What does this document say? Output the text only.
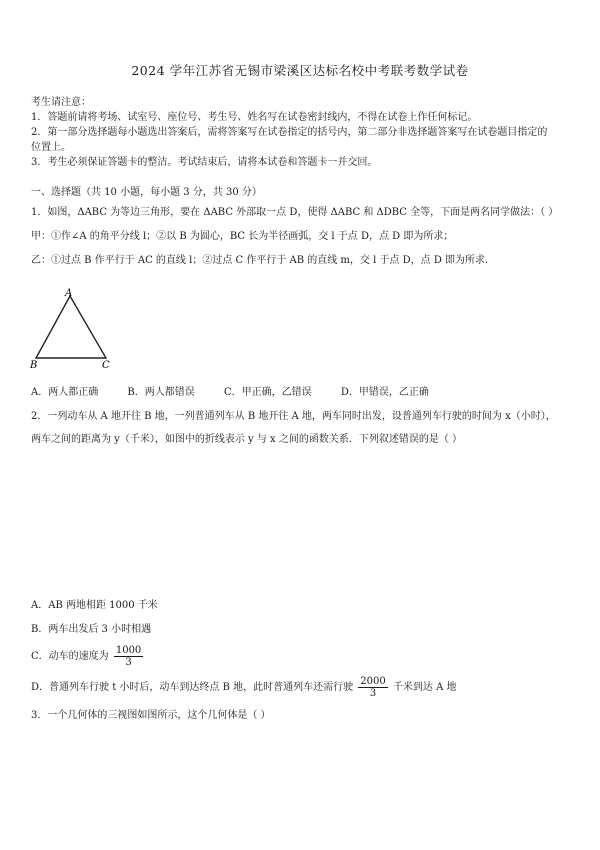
2024 学年江苏省无锡市梁溪区达标名校中考联考数学试卷
考生请注意：
1．答题前请将考场、试室号、座位号、考生号、姓名写在试卷密封线内，不得在试卷上作任何标记。
2．第一部分选择题每小题选出答案后，需将答案写在试卷指定的括号内，第二部分非选择题答案写在试卷题目指定的
位置上。
3．考生必须保证答题卡的整洁。考试结束后，请将本试卷和答题卡一并交回。
一、选择题（共 10 小题，每小题 3 分，共 30 分）
1．如图，ΔABC 为等边三角形，要在 ΔABC 外部取一点 D，使得 ΔABC 和 ΔDBC 全等，下面是两名同学做法：（ ）
甲：①作∠A 的角平分线 l；②以 B 为圆心，BC 长为半径画弧，交 l 于点 D，点 D 即为所求；
乙：①过点 B 作平行于 AC 的直线 l；②过点 C 作平行于 AB 的直线 m，交 l 于点 D，点 D 即为所求．
A
B	C
A．两人都正确	B．两人都错误	C．甲正确，乙错误	D．甲错误，乙正确
2．一列动车从 A 地开往 B 地，一列普通列车从 B 地开往 A 地，两车同时出发，设普通列车行驶的时间为 x（小时），
两车之间的距离为 y（千米），如图中的折线表示 y 与 x 之间的函数关系．下列叙述错误的是（ ）
A．AB 两地相距 1000 千米
B．两车出发后 3 小时相遇
C．动车的速度为 $\frac{1000}{3}$
D．普通列车行驶 t 小时后，动车到达终点 B 地，此时普通列车还需行驶 $\frac{2000}{3}$ 千米到达 A 地
3．一个几何体的三视图如图所示，这个几何体是（ ）
